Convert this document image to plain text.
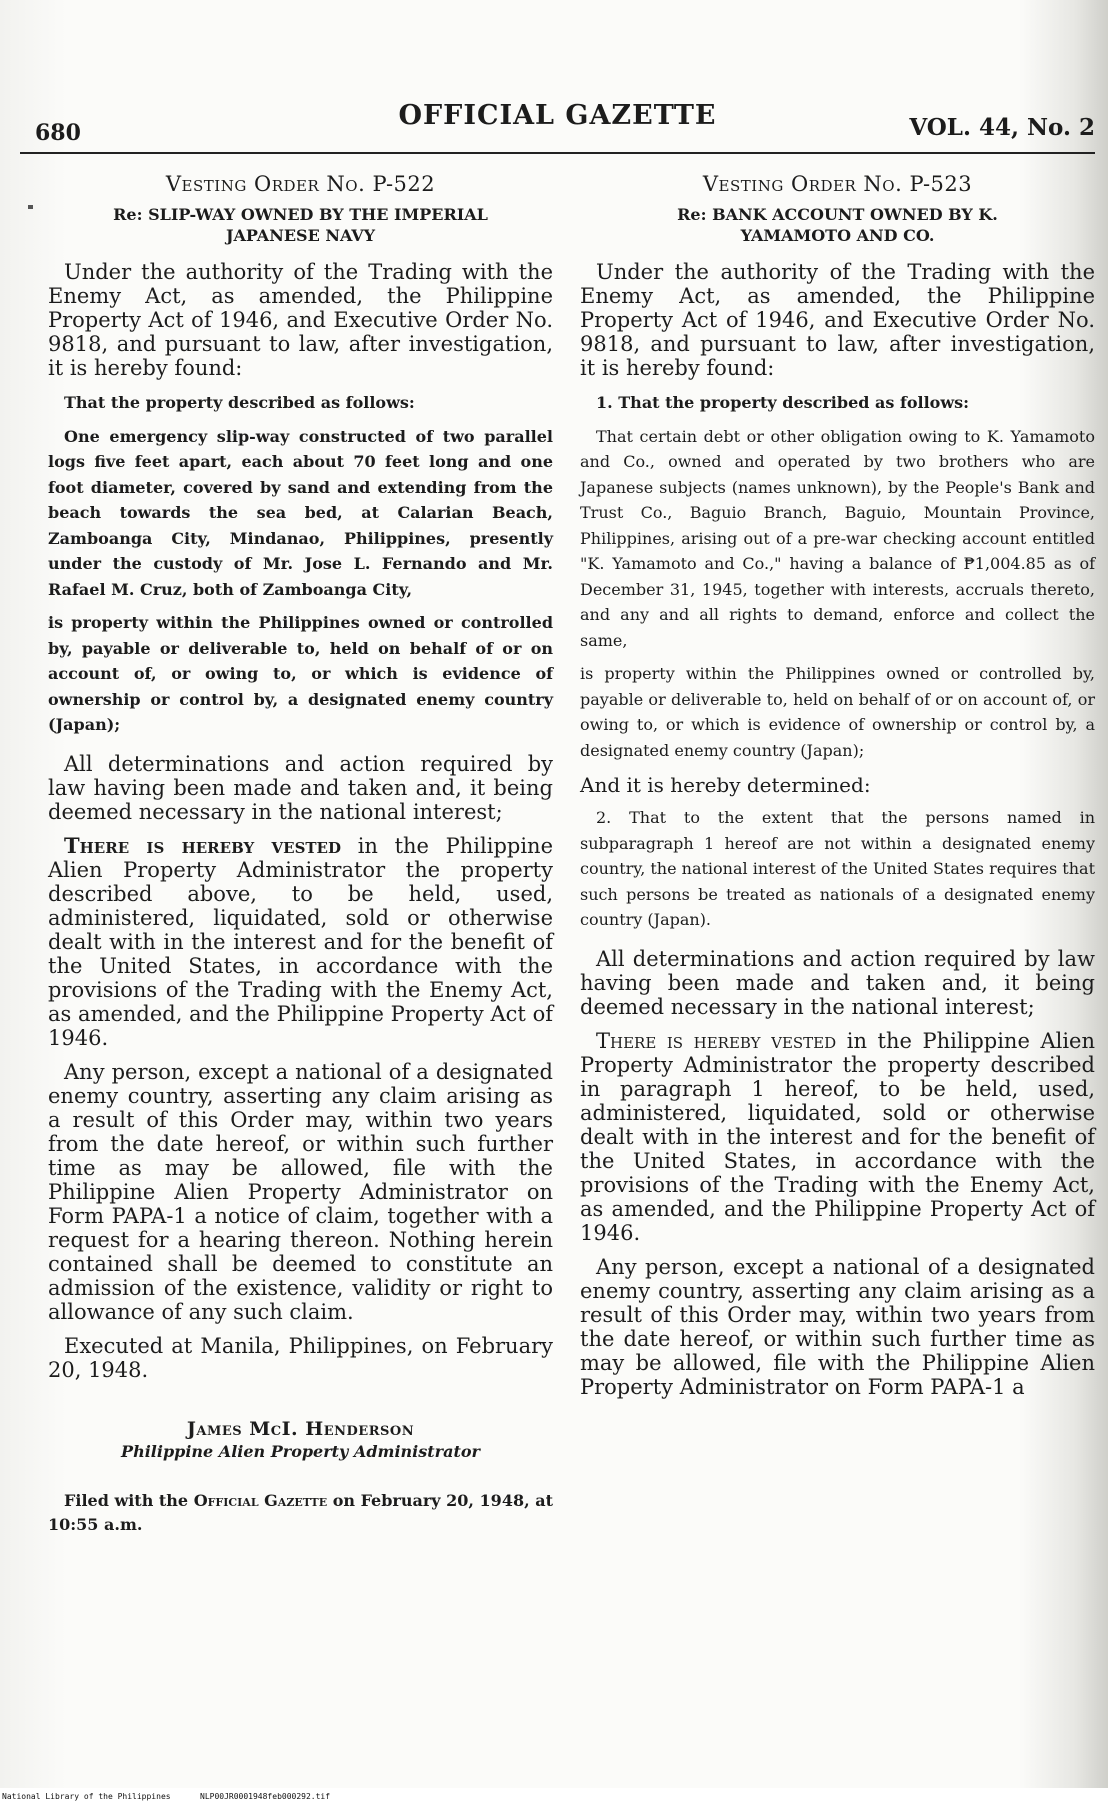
680
OFFICIAL GAZETTE	VOL. 44, No. 2
Vesting Order No. P-522
Re: SLIP-WAY OWNED BY THE IMPERIAL JAPANESE NAVY

Under the authority of the Trading with the Enemy Act, as amended, the Philippine Property Act of 1946, and Executive Order No. 9818, and pursuant to law, after investigation, it is hereby found:

That the property described as follows:

One emergency slip-way constructed of two parallel logs five feet apart, each about 70 feet long and one foot diameter, covered by sand and extending from the beach towards the sea bed, at Calarian Beach, Zamboanga City, Mindanao, Philippines, presently under the custody of Mr. Jose L. Fernando and Mr. Rafael M. Cruz, both of Zamboanga City,

is property within the Philippines owned or controlled by, payable or deliverable to, held on behalf of or on account of, or owing to, or which is evidence of ownership or control by, a designated enemy country (Japan);

All determinations and action required by law having been made and taken and, it being deemed necessary in the national interest;

There is hereby vested in the Philippine Alien Property Administrator the property described above, to be held, used, administered, liquidated, sold or otherwise dealt with in the interest and for the benefit of the United States, in accordance with the provisions of the Trading with the Enemy Act, as amended, and the Philippine Property Act of 1946.

Any person, except a national of a designated enemy country, asserting any claim arising as a result of this Order may, within two years from the date hereof, or within such further time as may be allowed, file with the Philippine Alien Property Administrator on Form PAPA-1 a notice of claim, together with a request for a hearing thereon. Nothing herein contained shall be deemed to constitute an admission of the existence, validity or right to allowance of any such claim.

Executed at Manila, Philippines, on February 20, 1948.

James McI. Henderson
Philippine Alien Property Administrator

Filed with the Official Gazette on February 20, 1948, at 10:55 a.m.

Vesting Order No. P-523
Re: BANK ACCOUNT OWNED BY K. YAMAMOTO AND CO.

Under the authority of the Trading with the Enemy Act, as amended, the Philippine Property Act of 1946, and Executive Order No. 9818, and pursuant to law, after investigation, it is hereby found:

1. That the property described as follows:

That certain debt or other obligation owing to K. Yamamoto and Co., owned and operated by two brothers who are Japanese subjects (names unknown), by the People's Bank and Trust Co., Baguio Branch, Baguio, Mountain Province, Philippines, arising out of a pre-war checking account entitled "K. Yamamoto and Co.," having a balance of ₱1,004.85 as of December 31, 1945, together with interests, accruals thereto, and any and all rights to demand, enforce and collect the same,

is property within the Philippines owned or controlled by, payable or deliverable to, held on behalf of or on account of, or owing to, or which is evidence of ownership or control by, a designated enemy country (Japan);

And it is hereby determined:

2. That to the extent that the persons named in subparagraph 1 hereof are not within a designated enemy country, the national interest of the United States requires that such persons be treated as nationals of a designated enemy country (Japan).

All determinations and action required by law having been made and taken and, it being deemed necessary in the national interest;

There is hereby vested in the Philippine Alien Property Administrator the property described in paragraph 1 hereof, to be held, used, administered, liquidated, sold or otherwise dealt with in the interest and for the benefit of the United States, in accordance with the provisions of the Trading with the Enemy Act, as amended, and the Philippine Property Act of 1946.

Any person, except a national of a designated enemy country, asserting any claim arising as a result of this Order may, within two years from the date hereof, or within such further time as may be allowed, file with the Philippine Alien Property Administrator on Form PAPA-1 a

National Library of the Philippines	NLP00JR0001948feb000292.tif
